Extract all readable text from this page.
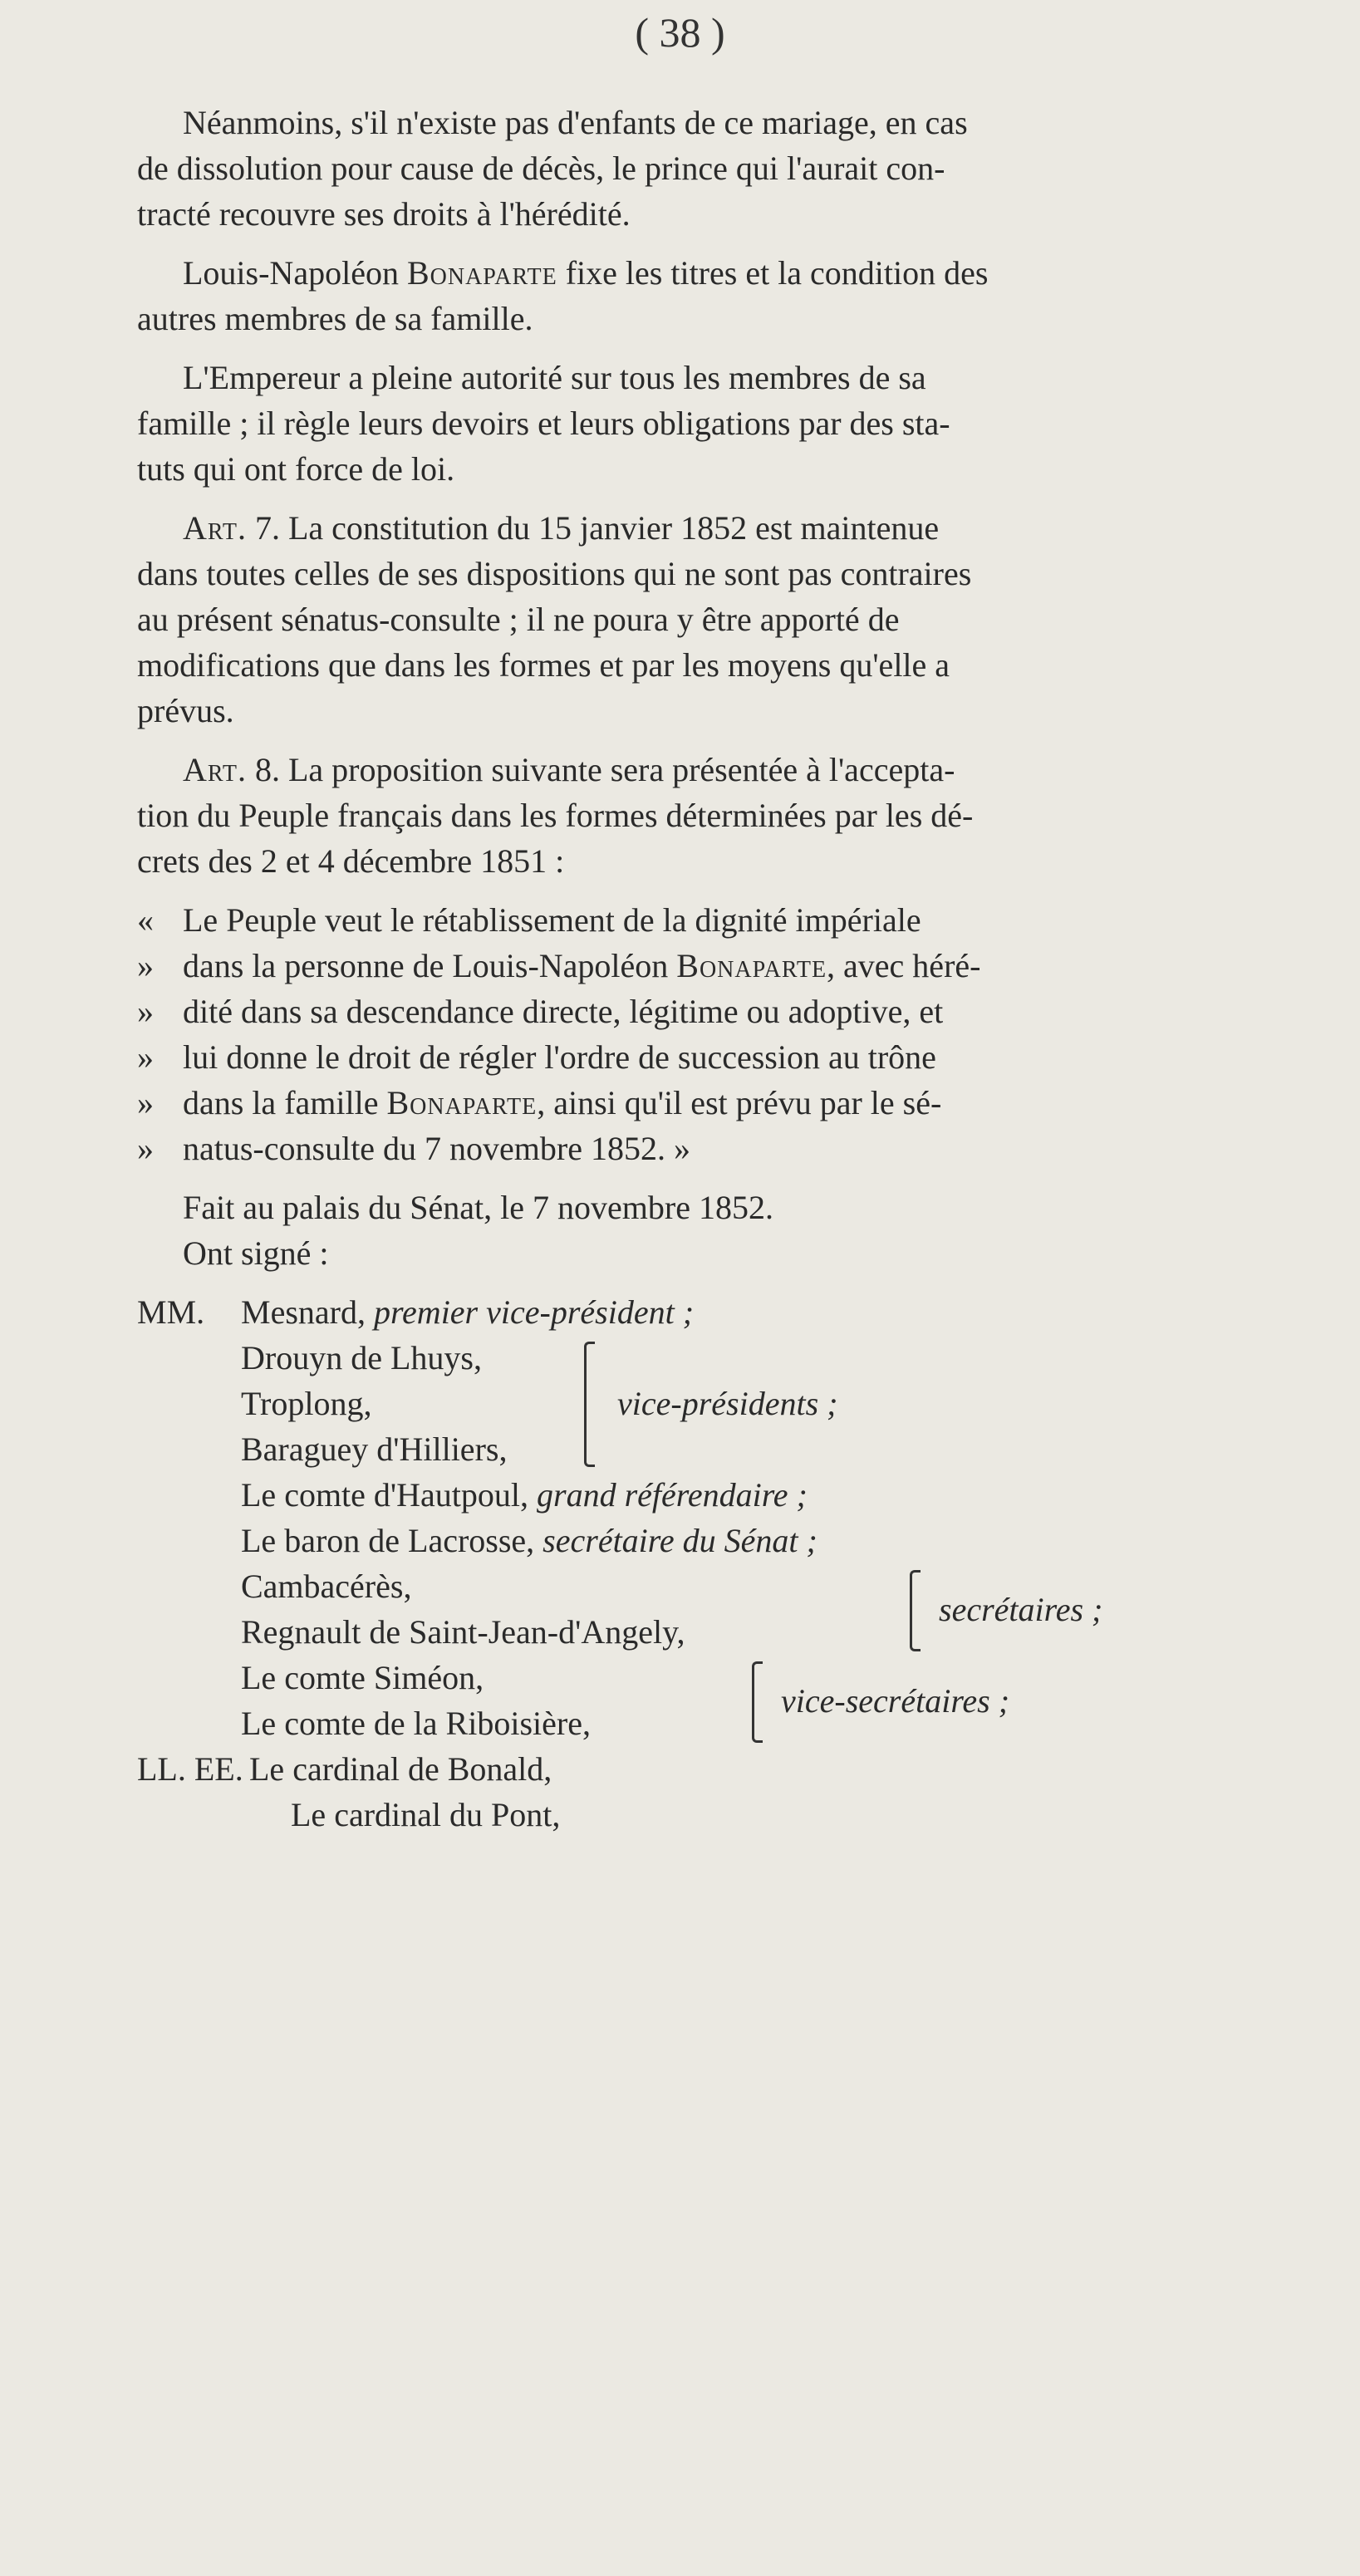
( 38 )
Néanmoins, s'il n'existe pas d'enfants de ce mariage, en cas
de dissolution pour cause de décès, le prince qui l'aurait con-
tracté recouvre ses droits à l'hérédité.
Louis-Napoléon Bonaparte fixe les titres et la condition des
autres membres de sa famille.
L'Empereur a pleine autorité sur tous les membres de sa
famille ; il règle leurs devoirs et leurs obligations par des sta-
tuts qui ont force de loi.
Art. 7. La constitution du 15 janvier 1852 est maintenue
dans toutes celles de ses dispositions qui ne sont pas contraires
au présent sénatus-consulte ; il ne poura y être apporté de
modifications que dans les formes et par les moyens qu'elle a
prévus.
Art. 8. La proposition suivante sera présentée à l'accepta-
tion du Peuple français dans les formes déterminées par les dé-
crets des 2 et 4 décembre 1851 :
« Le Peuple veut le rétablissement de la dignité impériale
» dans la personne de Louis-Napoléon Bonaparte, avec héré-
» dité dans sa descendance directe, légitime ou adoptive, et
» lui donne le droit de régler l'ordre de succession au trône
» dans la famille Bonaparte, ainsi qu'il est prévu par le sé-
» natus-consulte du 7 novembre 1852. »
Fait au palais du Sénat, le 7 novembre 1852.
Ont signé :
MM. Mesnard, premier vice-président ;
Drouyn de Lhuys,
Troplong,
Baraguey d'Hilliers,
vice-présidents ;
Le comte d'Hautpoul, grand référendaire ;
Le baron de Lacrosse, secrétaire du Sénat ;
Cambacérès,
Regnault de Saint-Jean-d'Angely,
secrétaires ;
Le comte Siméon,
Le comte de la Riboisière,
vice-secrétaires ;
LL. EE. Le cardinal de Bonald,
Le cardinal du Pont,
